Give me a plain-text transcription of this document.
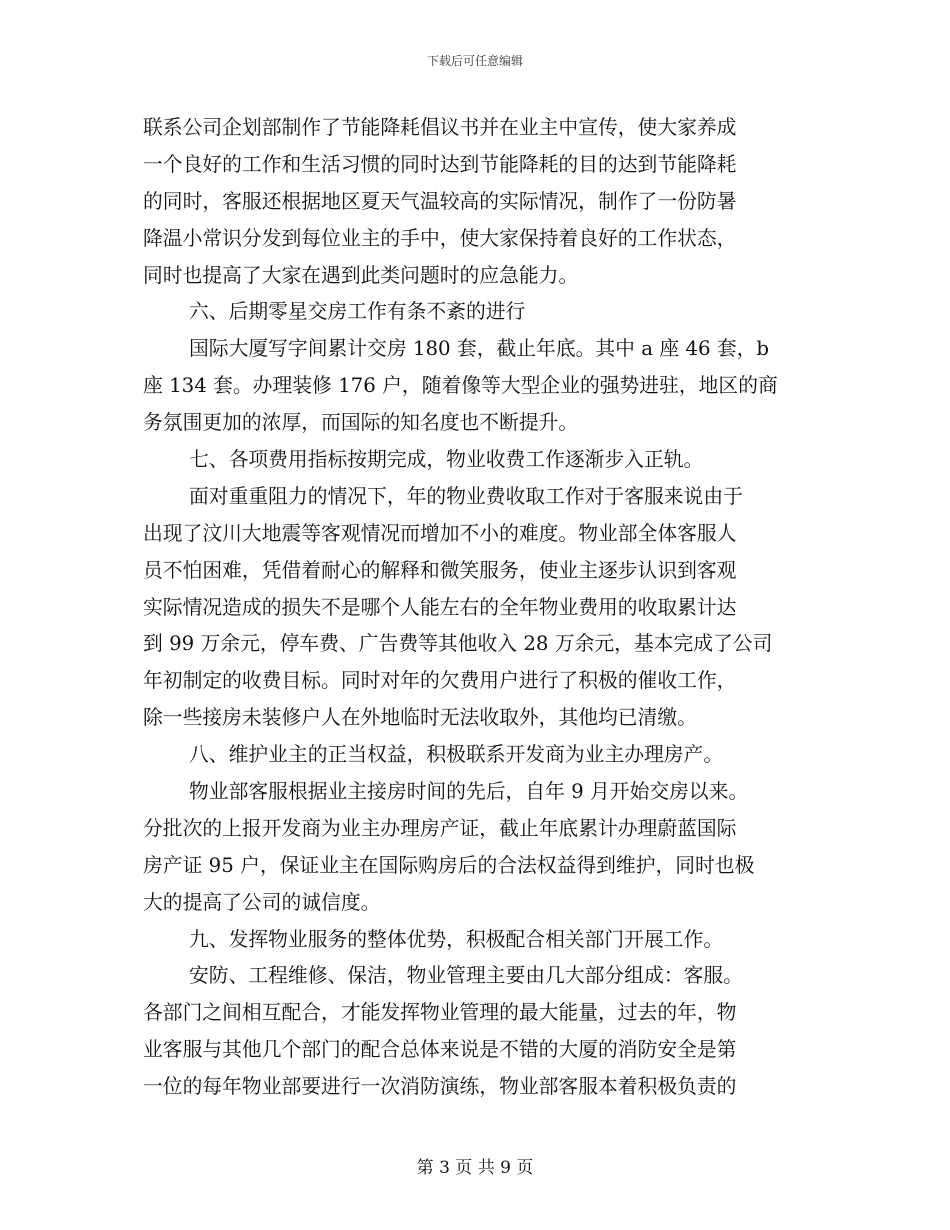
下载后可任意编辑
联系公司企划部制作了节能降耗倡议书并在业主中宣传，使大家养成
一个良好的工作和生活习惯的同时达到节能降耗的目的达到节能降耗
的同时，客服还根据地区夏天气温较高的实际情况，制作了一份防暑
降温小常识分发到每位业主的手中，使大家保持着良好的工作状态，
同时也提高了大家在遇到此类问题时的应急能力。
六、后期零星交房工作有条不紊的进行
国际大厦写字间累计交房 180 套，截止年底。其中 a 座 46 套，b
座 134 套。办理装修 176 户，随着像等大型企业的强势进驻，地区的商
务氛围更加的浓厚，而国际的知名度也不断提升。
七、各项费用指标按期完成，物业收费工作逐渐步入正轨。
面对重重阻力的情况下，年的物业费收取工作对于客服来说由于
出现了汶川大地震等客观情况而增加不小的难度。物业部全体客服人
员不怕困难，凭借着耐心的解释和微笑服务，使业主逐步认识到客观
实际情况造成的损失不是哪个人能左右的全年物业费用的收取累计达
到 99 万余元，停车费、广告费等其他收入 28 万余元，基本完成了公司
年初制定的收费目标。同时对年的欠费用户进行了积极的催收工作，
除一些接房未装修户人在外地临时无法收取外，其他均已清缴。
八、维护业主的正当权益，积极联系开发商为业主办理房产。
物业部客服根据业主接房时间的先后，自年 9 月开始交房以来。
分批次的上报开发商为业主办理房产证，截止年底累计办理蔚蓝国际
房产证 95 户，保证业主在国际购房后的合法权益得到维护，同时也极
大的提高了公司的诚信度。
九、发挥物业服务的整体优势，积极配合相关部门开展工作。
安防、工程维修、保洁，物业管理主要由几大部分组成：客服。
各部门之间相互配合，才能发挥物业管理的最大能量，过去的年，物
业客服与其他几个部门的配合总体来说是不错的大厦的消防安全是第
一位的每年物业部要进行一次消防演练，物业部客服本着积极负责的
第 3 页 共 9 页
